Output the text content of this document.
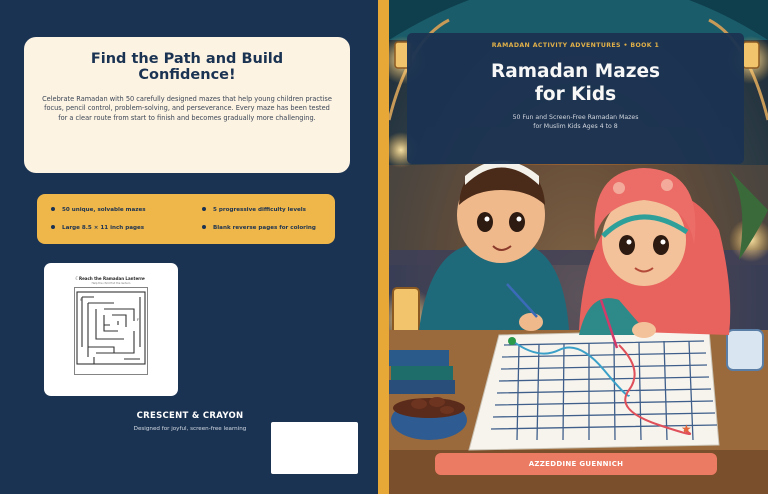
Find the Path and Build Confidence!

Celebrate Ramadan with 50 carefully designed mazes that help young children practise focus, pencil control, problem-solving, and perseverance. Every maze has been tested for a clear route from start to finish and becomes gradually more challenging.

50 unique, solvable mazes	5 progressive difficulty levels
Large 8.5 × 11 inch pages	Blank reverse pages for coloring
☾	♦
Reach the Ramadan Lantern
Help the child find the lantern
S
F
CRESCENT & CRAYON
Designed for joyful, screen-free learning	★
RAMADAN ACTIVITY ADVENTURES • BOOK 1
Ramadan Mazes
for Kids
50 Fun and Screen-Free Ramadan Mazes
for Muslim Kids Ages 4 to 8
AZZEDDINE GUENNICH
